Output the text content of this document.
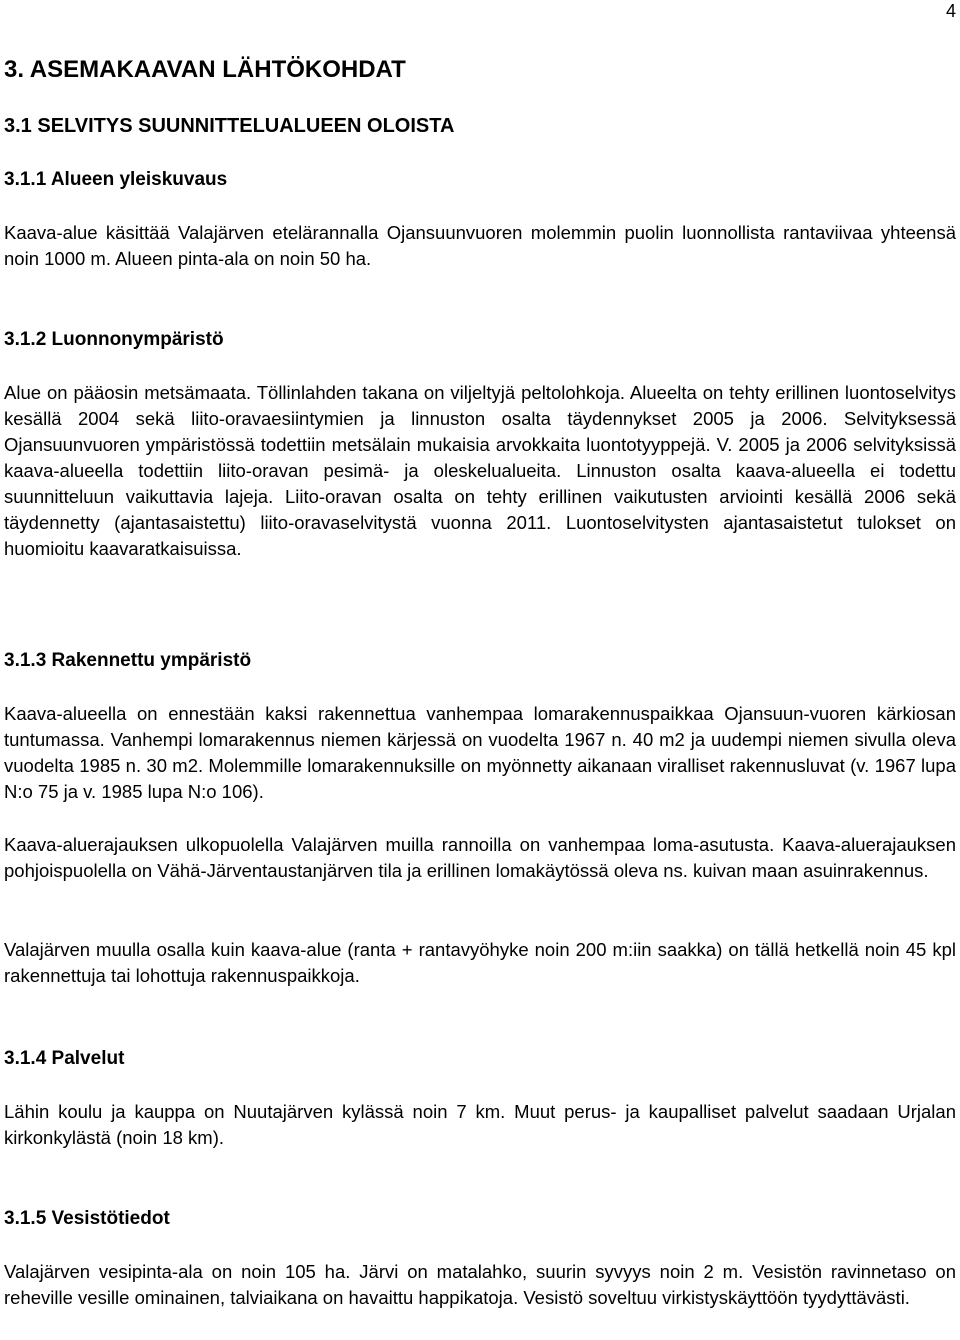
4
3. ASEMAKAAVAN LÄHTÖKOHDAT
3.1 SELVITYS SUUNNITTELUALUEEN OLOISTA
3.1.1 Alueen yleiskuvaus

Kaava-alue käsittää Valajärven etelärannalla Ojansuunvuoren molemmin puolin luonnollista rantaviivaa yhteensä noin 1000 m. Alueen pinta-ala on noin 50 ha.

3.1.2 Luonnonympäristö

Alue on pääosin metsämaata. Töllinlahden takana on viljeltyjä peltolohkoja. Alueelta on tehty erillinen luontoselvitys kesällä 2004 sekä liito-oravaesiintymien ja linnuston osalta täydennykset 2005 ja 2006. Selvityksessä Ojansuunvuoren ympäristössä todettiin metsälain mukaisia arvokkaita luontotyyppejä. V. 2005 ja 2006 selvityksissä kaava-alueella todettiin liito-oravan pesimä- ja oleskelualueita. Linnuston osalta kaava-alueella ei todettu suunnitteluun vaikuttavia lajeja. Liito-oravan osalta on tehty erillinen vaikutusten arviointi kesällä 2006 sekä täydennetty (ajantasaistettu) liito-oravaselvitystä vuonna 2011. Luontoselvitysten ajantasaistetut tulokset on huomioitu kaavaratkaisuissa.

3.1.3 Rakennettu ympäristö

Kaava-alueella on ennestään kaksi rakennettua vanhempaa lomarakennuspaikkaa Ojansuun-vuoren kärkiosan tuntumassa. Vanhempi lomarakennus niemen kärjessä on vuodelta 1967 n. 40 m2 ja uudempi niemen sivulla oleva vuodelta 1985 n. 30 m2. Molemmille lomarakennuksille on myönnetty aikanaan viralliset rakennusluvat (v. 1967 lupa N:o 75 ja v. 1985 lupa N:o 106).

Kaava-aluerajauksen ulkopuolella Valajärven muilla rannoilla on vanhempaa loma-asutusta. Kaava-aluerajauksen pohjoispuolella on Vähä-Järventaustanjärven tila ja erillinen lomakäytössä oleva ns. kuivan maan asuinrakennus.

Valajärven muulla osalla kuin kaava-alue (ranta + rantavyöhyke noin 200 m:iin saakka) on tällä hetkellä noin 45 kpl rakennettuja tai lohottuja rakennuspaikkoja.

3.1.4 Palvelut

Lähin koulu ja kauppa on Nuutajärven kylässä noin 7 km. Muut perus- ja kaupalliset palvelut saadaan Urjalan kirkonkylästä (noin 18 km).

3.1.5 Vesistötiedot

Valajärven vesipinta-ala on noin 105 ha. Järvi on matalahko, suurin syvyys noin 2 m. Vesistön ravinnetaso on reheville vesille ominainen, talviaikana on havaittu happikatoja. Vesistö soveltuu virkistyskäyttöön tyydyttävästi.
